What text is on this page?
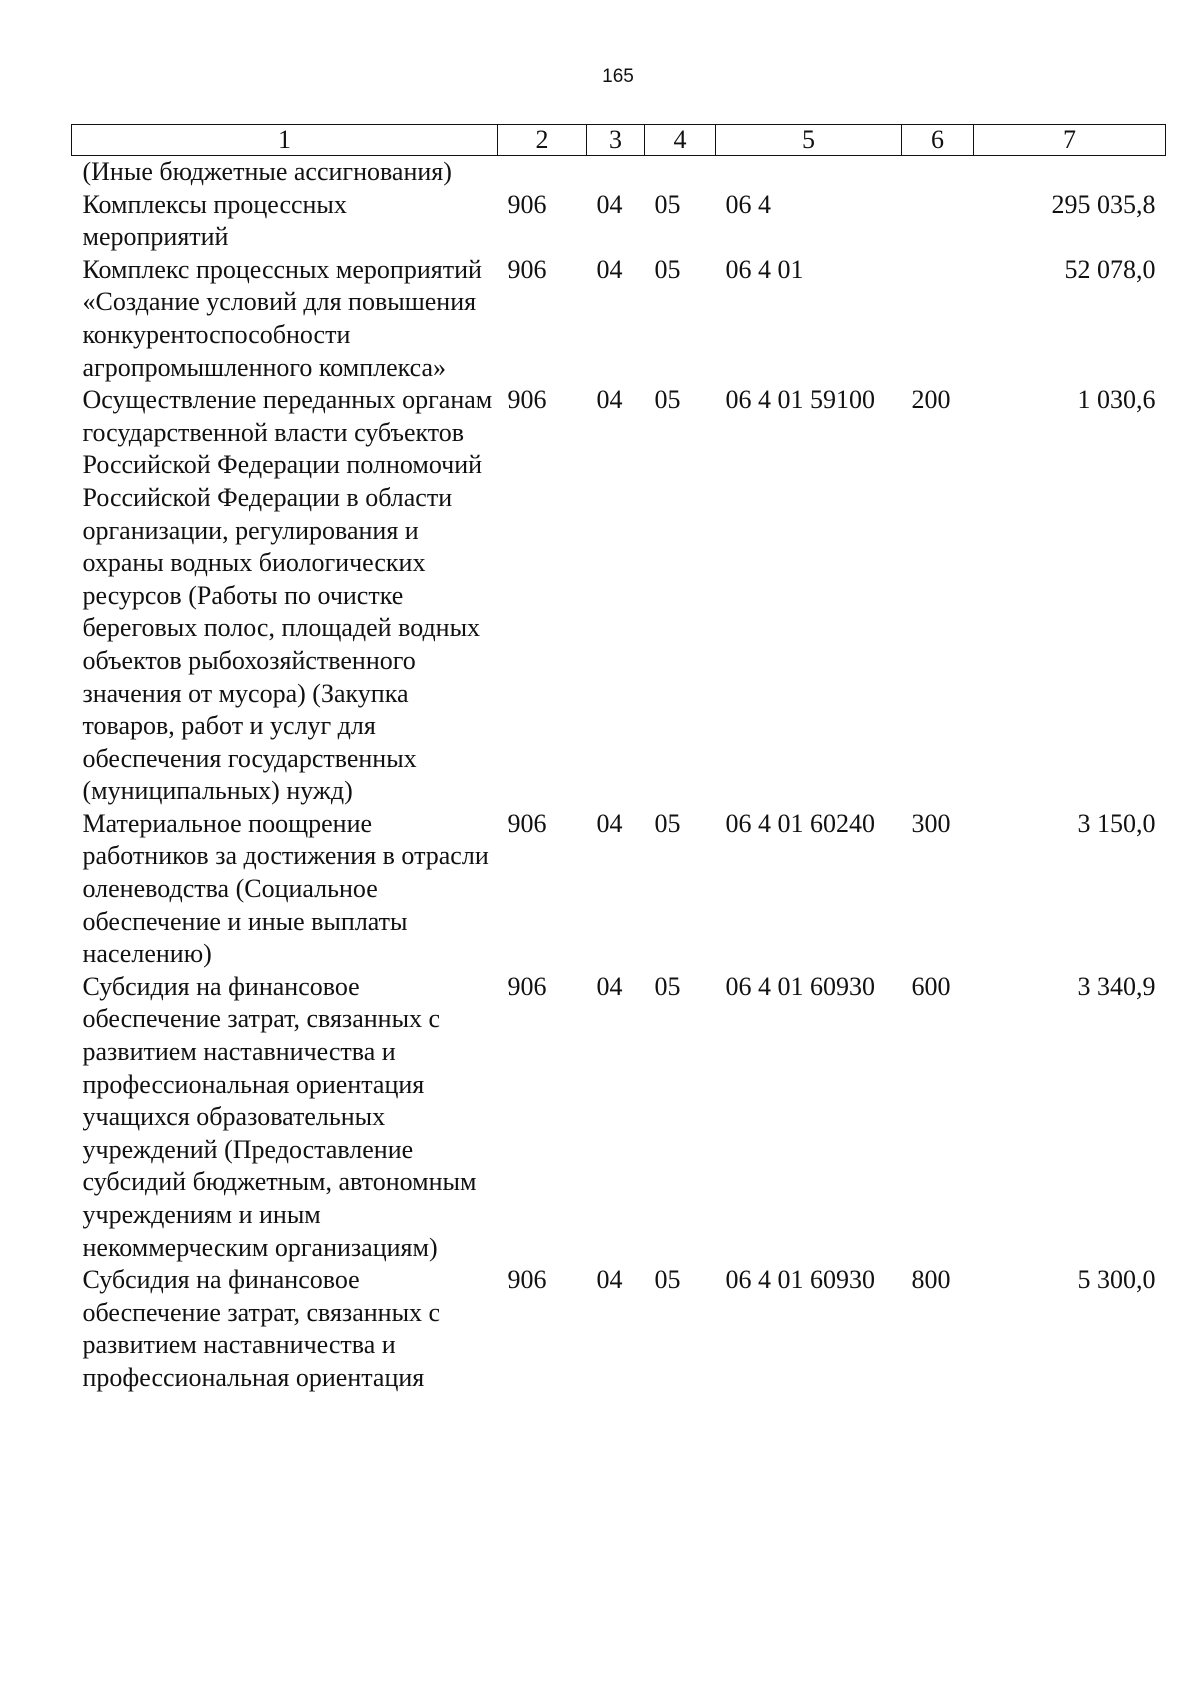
165
1	2	3	4	5	6	7
(Иные бюджетные ассигнования)						
Комплексы процессных мероприятий	906	04	05	06 4		295 035,8
Комплекс процессных мероприятий «Создание условий для повышения конкурентоспособности агропромышленного комплекса»	906	04	05	06 4 01		52 078,0
Осуществление переданных органам государственной власти субъектов Российской Федерации полномочий Российской Федерации в области организации, регулирования и охраны водных биологических ресурсов (Работы по очистке береговых полос, площадей водных объектов рыбохозяйственного значения от мусора) (Закупка товаров, работ и услуг для обеспечения государственных (муниципальных) нужд)	906	04	05	06 4 01 59100	200	1 030,6
Материальное поощрение работников за достижения в отрасли оленеводства (Социальное обеспечение и иные выплаты населению)	906	04	05	06 4 01 60240	300	3 150,0
Субсидия на финансовое обеспечение затрат, связанных с развитием наставничества и профессиональная ориентация учащихся образовательных учреждений (Предоставление субсидий бюджетным, автономным учреждениям и иным некоммерческим организациям)	906	04	05	06 4 01 60930	600	3 340,9
Субсидия на финансовое обеспечение затрат, связанных с развитием наставничества и профессиональная ориентация	906	04	05	06 4 01 60930	800	5 300,0
